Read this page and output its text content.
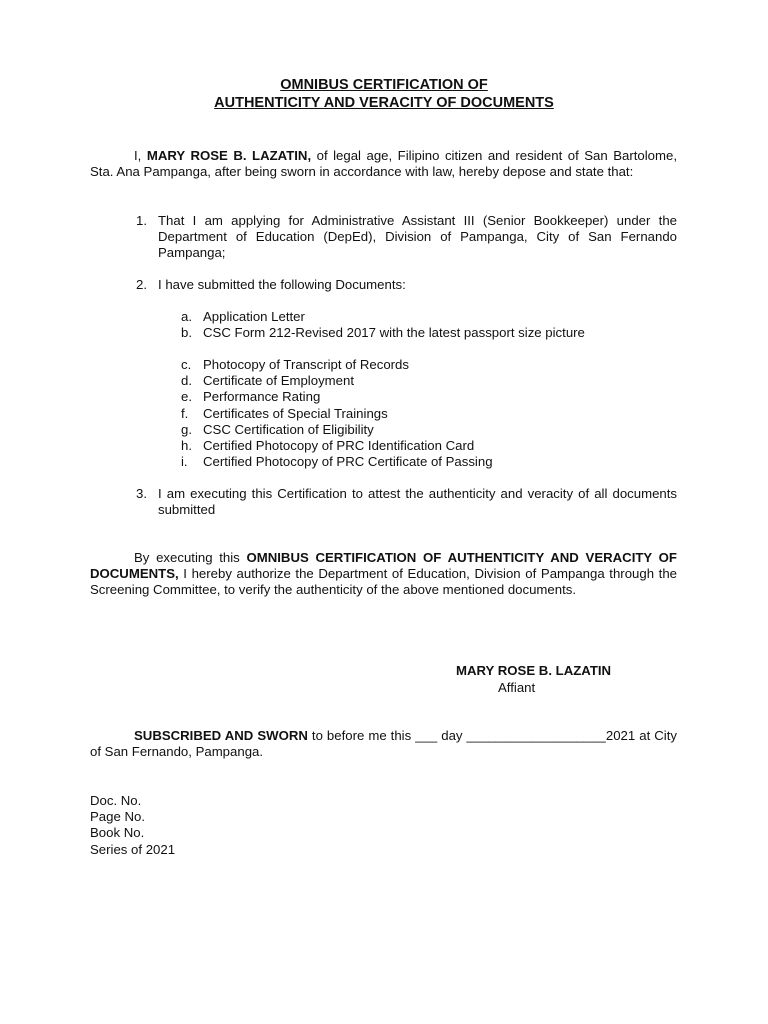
OMNIBUS CERTIFICATION OF
AUTHENTICITY AND VERACITY OF DOCUMENTS

I, MARY ROSE B. LAZATIN, of legal age, Filipino citizen and resident of San Bartolome, Sta. Ana Pampanga, after being sworn in accordance with law, hereby depose and state that:

1. That I am applying for Administrative Assistant III (Senior Bookkeeper) under the Department of Education (DepEd), Division of Pampanga, City of San Fernando Pampanga;
2. I have submitted the following Documents:
a. Application Letter
b. CSC Form 212-Revised 2017 with the latest passport size picture
c. Photocopy of Transcript of Records
d. Certificate of Employment
e. Performance Rating
f. Certificates of Special Trainings
g. CSC Certification of Eligibility
h. Certified Photocopy of PRC Identification Card
i. Certified Photocopy of PRC Certificate of Passing
3. I am executing this Certification to attest the authenticity and veracity of all documents submitted

By executing this OMNIBUS CERTIFICATION OF AUTHENTICITY AND VERACITY OF DOCUMENTS, I hereby authorize the Department of Education, Division of Pampanga through the Screening Committee, to verify the authenticity of the above mentioned documents.

MARY ROSE B. LAZATIN
Affiant

SUBSCRIBED AND SWORN to before me this ___ day ___________________2021 at City of San Fernando, Pampanga.

Doc. No.
Page No.
Book No.
Series of 2021
